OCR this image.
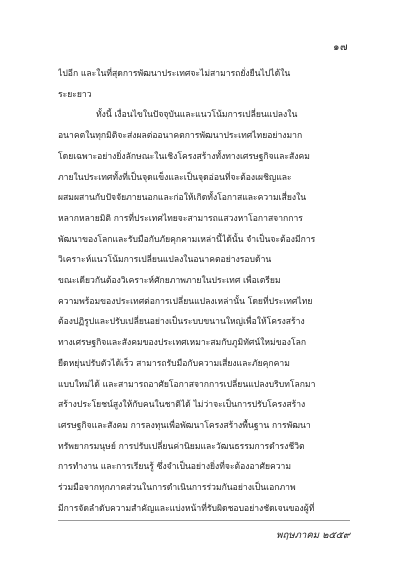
๑๗
ไปอีก และในที่สุดการพัฒนาประเทศจะไม่สามารถยั่งยืนไปได้ใน
ระยะยาว
ทั้งนี้ เงื่อนไขในปัจจุบันและแนวโน้มการเปลี่ยนแปลงใน
อนาคตในทุกมิติจะส่งผลต่ออนาคตการพัฒนาประเทศไทยอย่างมาก
โดยเฉพาะอย่างยิ่งลักษณะในเชิงโครงสร้างทั้งทางเศรษฐกิจและสังคม
ภายในประเทศทั้งที่เป็นจุดแข็งและเป็นจุดอ่อนที่จะต้องเผชิญและ
ผสมผสานกับปัจจัยภายนอกและก่อให้เกิดทั้งโอกาสและความเสี่ยงใน
หลากหลายมิติ การที่ประเทศไทยจะสามารถแสวงหาโอกาสจากการ
พัฒนาของโลกและรับมือกับภัยคุกคามเหล่านี้ได้นั้น จำเป็นจะต้องมีการ
วิเคราะห์แนวโน้มการเปลี่ยนแปลงในอนาคตอย่างรอบด้าน
ขณะเดียวกันต้องวิเคราะห์ศักยภาพภายในประเทศ เพื่อเตรียม
ความพร้อมของประเทศต่อการเปลี่ยนแปลงเหล่านั้น โดยที่ประเทศไทย
ต้องปฏิรูปและปรับเปลี่ยนอย่างเป็นระบบขนานใหญ่เพื่อให้โครงสร้าง
ทางเศรษฐกิจและสังคมของประเทศเหมาะสมกับภูมิทัศน์ใหม่ของโลก
ยืดหยุ่นปรับตัวได้เร็ว สามารถรับมือกับความเสี่ยงและภัยคุกคาม
แบบใหม่ได้ และสามารถอาศัยโอกาสจากการเปลี่ยนแปลงบริบทโลกมา
สร้างประโยชน์สูงให้กับคนในชาติได้ ไม่ว่าจะเป็นการปรับโครงสร้าง
เศรษฐกิจและสังคม การลงทุนเพื่อพัฒนาโครงสร้างพื้นฐาน การพัฒนา
ทรัพยากรมนุษย์ การปรับเปลี่ยนค่านิยมและวัฒนธรรมการดำรงชีวิต
การทำงาน และการเรียนรู้ ซึ่งจำเป็นอย่างยิ่งที่จะต้องอาศัยความ
ร่วมมือจากทุกภาคส่วนในการดำเนินการร่วมกันอย่างเป็นเอกภาพ
มีการจัดลำดับความสำคัญและแบ่งหน้าที่รับผิดชอบอย่างชัดเจนของผู้ที่
พฤษภาคม ๒๕๕๙
